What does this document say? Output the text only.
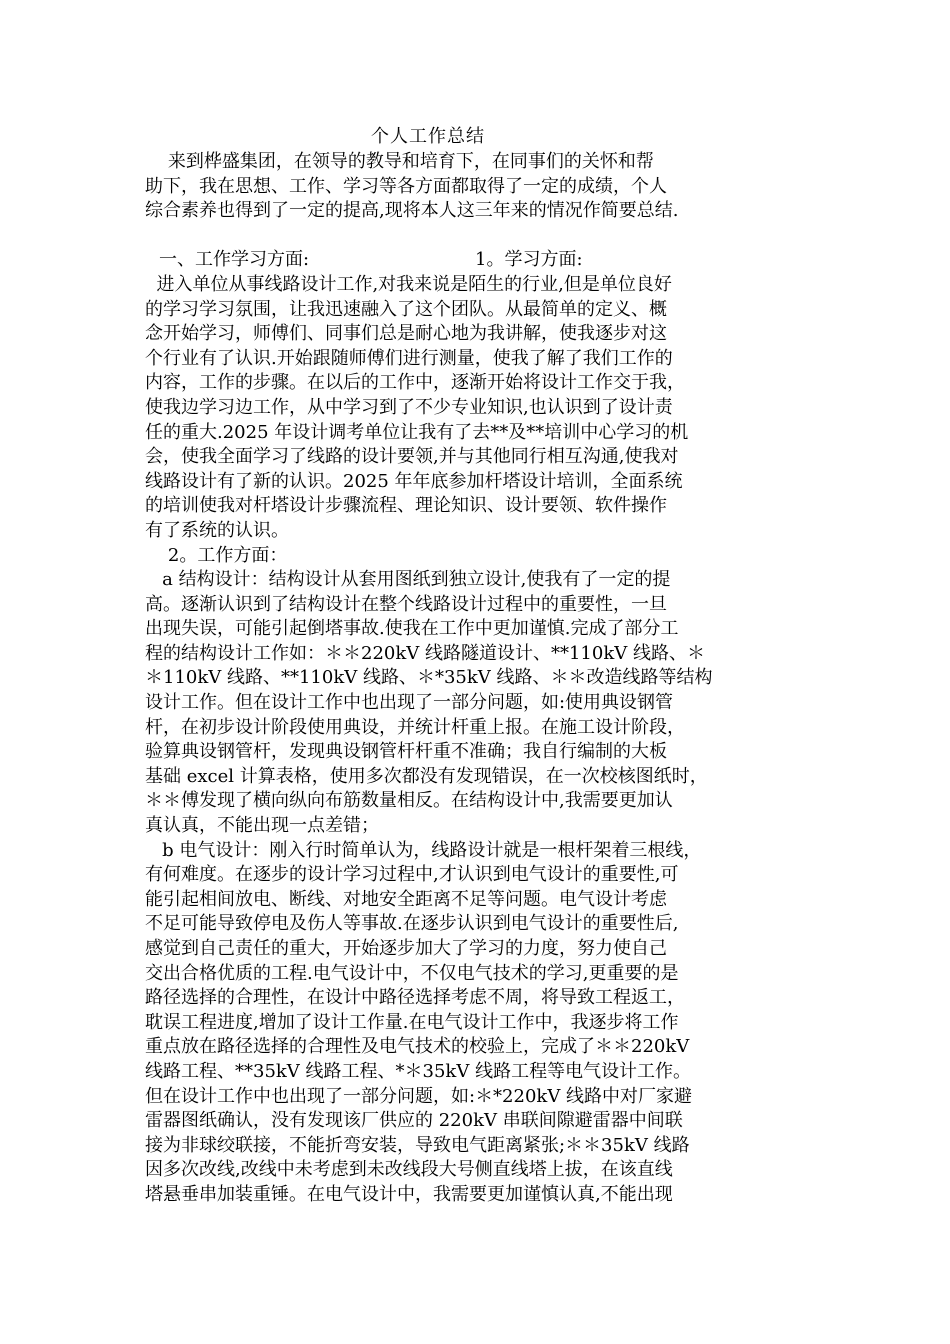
个人工作总结
来到桦盛集团，在领导的教导和培育下，在同事们的关怀和帮
助下，我在思想、工作、学习等各方面都取得了一定的成绩，个人
综合素养也得到了一定的提高,现将本人这三年来的情况作简要总结.
一、工作学习方面:	1。学习方面:
进入单位从事线路设计工作,对我来说是陌生的行业,但是单位良好
的学习学习氛围，让我迅速融入了这个团队。从最简单的定义、概
念开始学习，师傅们、同事们总是耐心地为我讲解，使我逐步对这
个行业有了认识.开始跟随师傅们进行测量，使我了解了我们工作的
内容，工作的步骤。在以后的工作中，逐渐开始将设计工作交于我，
使我边学习边工作，从中学习到了不少专业知识,也认识到了设计责
任的重大.2025 年设计调考单位让我有了去**及**培训中心学习的机
会，使我全面学习了线路的设计要领,并与其他同行相互沟通,使我对
线路设计有了新的认识。2025 年年底参加杆塔设计培训，全面系统
的培训使我对杆塔设计步骤流程、理论知识、设计要领、软件操作
有了系统的认识。
2。工作方面：
a 结构设计：结构设计从套用图纸到独立设计,使我有了一定的提
高。逐渐认识到了结构设计在整个线路设计过程中的重要性，一旦
出现失误，可能引起倒塔事故.使我在工作中更加谨慎.完成了部分工
程的结构设计工作如：＊＊220kV 线路隧道设计、**110kV 线路、＊
＊110kV 线路、**110kV 线路、＊*35kV 线路、＊＊改造线路等结构
设计工作。但在设计工作中也出现了一部分问题，如:使用典设钢管
杆，在初步设计阶段使用典设，并统计杆重上报。在施工设计阶段，
验算典设钢管杆，发现典设钢管杆杆重不准确；我自行编制的大板
基础 excel 计算表格，使用多次都没有发现错误，在一次校核图纸时，
＊＊傅发现了横向纵向布筋数量相反。在结构设计中,我需要更加认
真认真，不能出现一点差错；
b 电气设计：刚入行时简单认为，线路设计就是一根杆架着三根线，
有何难度。在逐步的设计学习过程中,才认识到电气设计的重要性,可
能引起相间放电、断线、对地安全距离不足等问题。电气设计考虑
不足可能导致停电及伤人等事故.在逐步认识到电气设计的重要性后,
感觉到自己责任的重大，开始逐步加大了学习的力度，努力使自己
交出合格优质的工程.电气设计中，不仅电气技术的学习,更重要的是
路径选择的合理性，在设计中路径选择考虑不周，将导致工程返工，
耽误工程进度,增加了设计工作量.在电气设计工作中，我逐步将工作
重点放在路径选择的合理性及电气技术的校验上，完成了＊＊220kV
线路工程、**35kV 线路工程、*＊35kV 线路工程等电气设计工作。
但在设计工作中也出现了一部分问题，如:＊*220kV 线路中对厂家避
雷器图纸确认，没有发现该厂供应的 220kV 串联间隙避雷器中间联
接为非球绞联接，不能折弯安装，导致电气距离紧张;＊＊35kV 线路
因多次改线,改线中未考虑到未改线段大号侧直线塔上拔，在该直线
塔悬垂串加装重锤。在电气设计中，我需要更加谨慎认真,不能出现
